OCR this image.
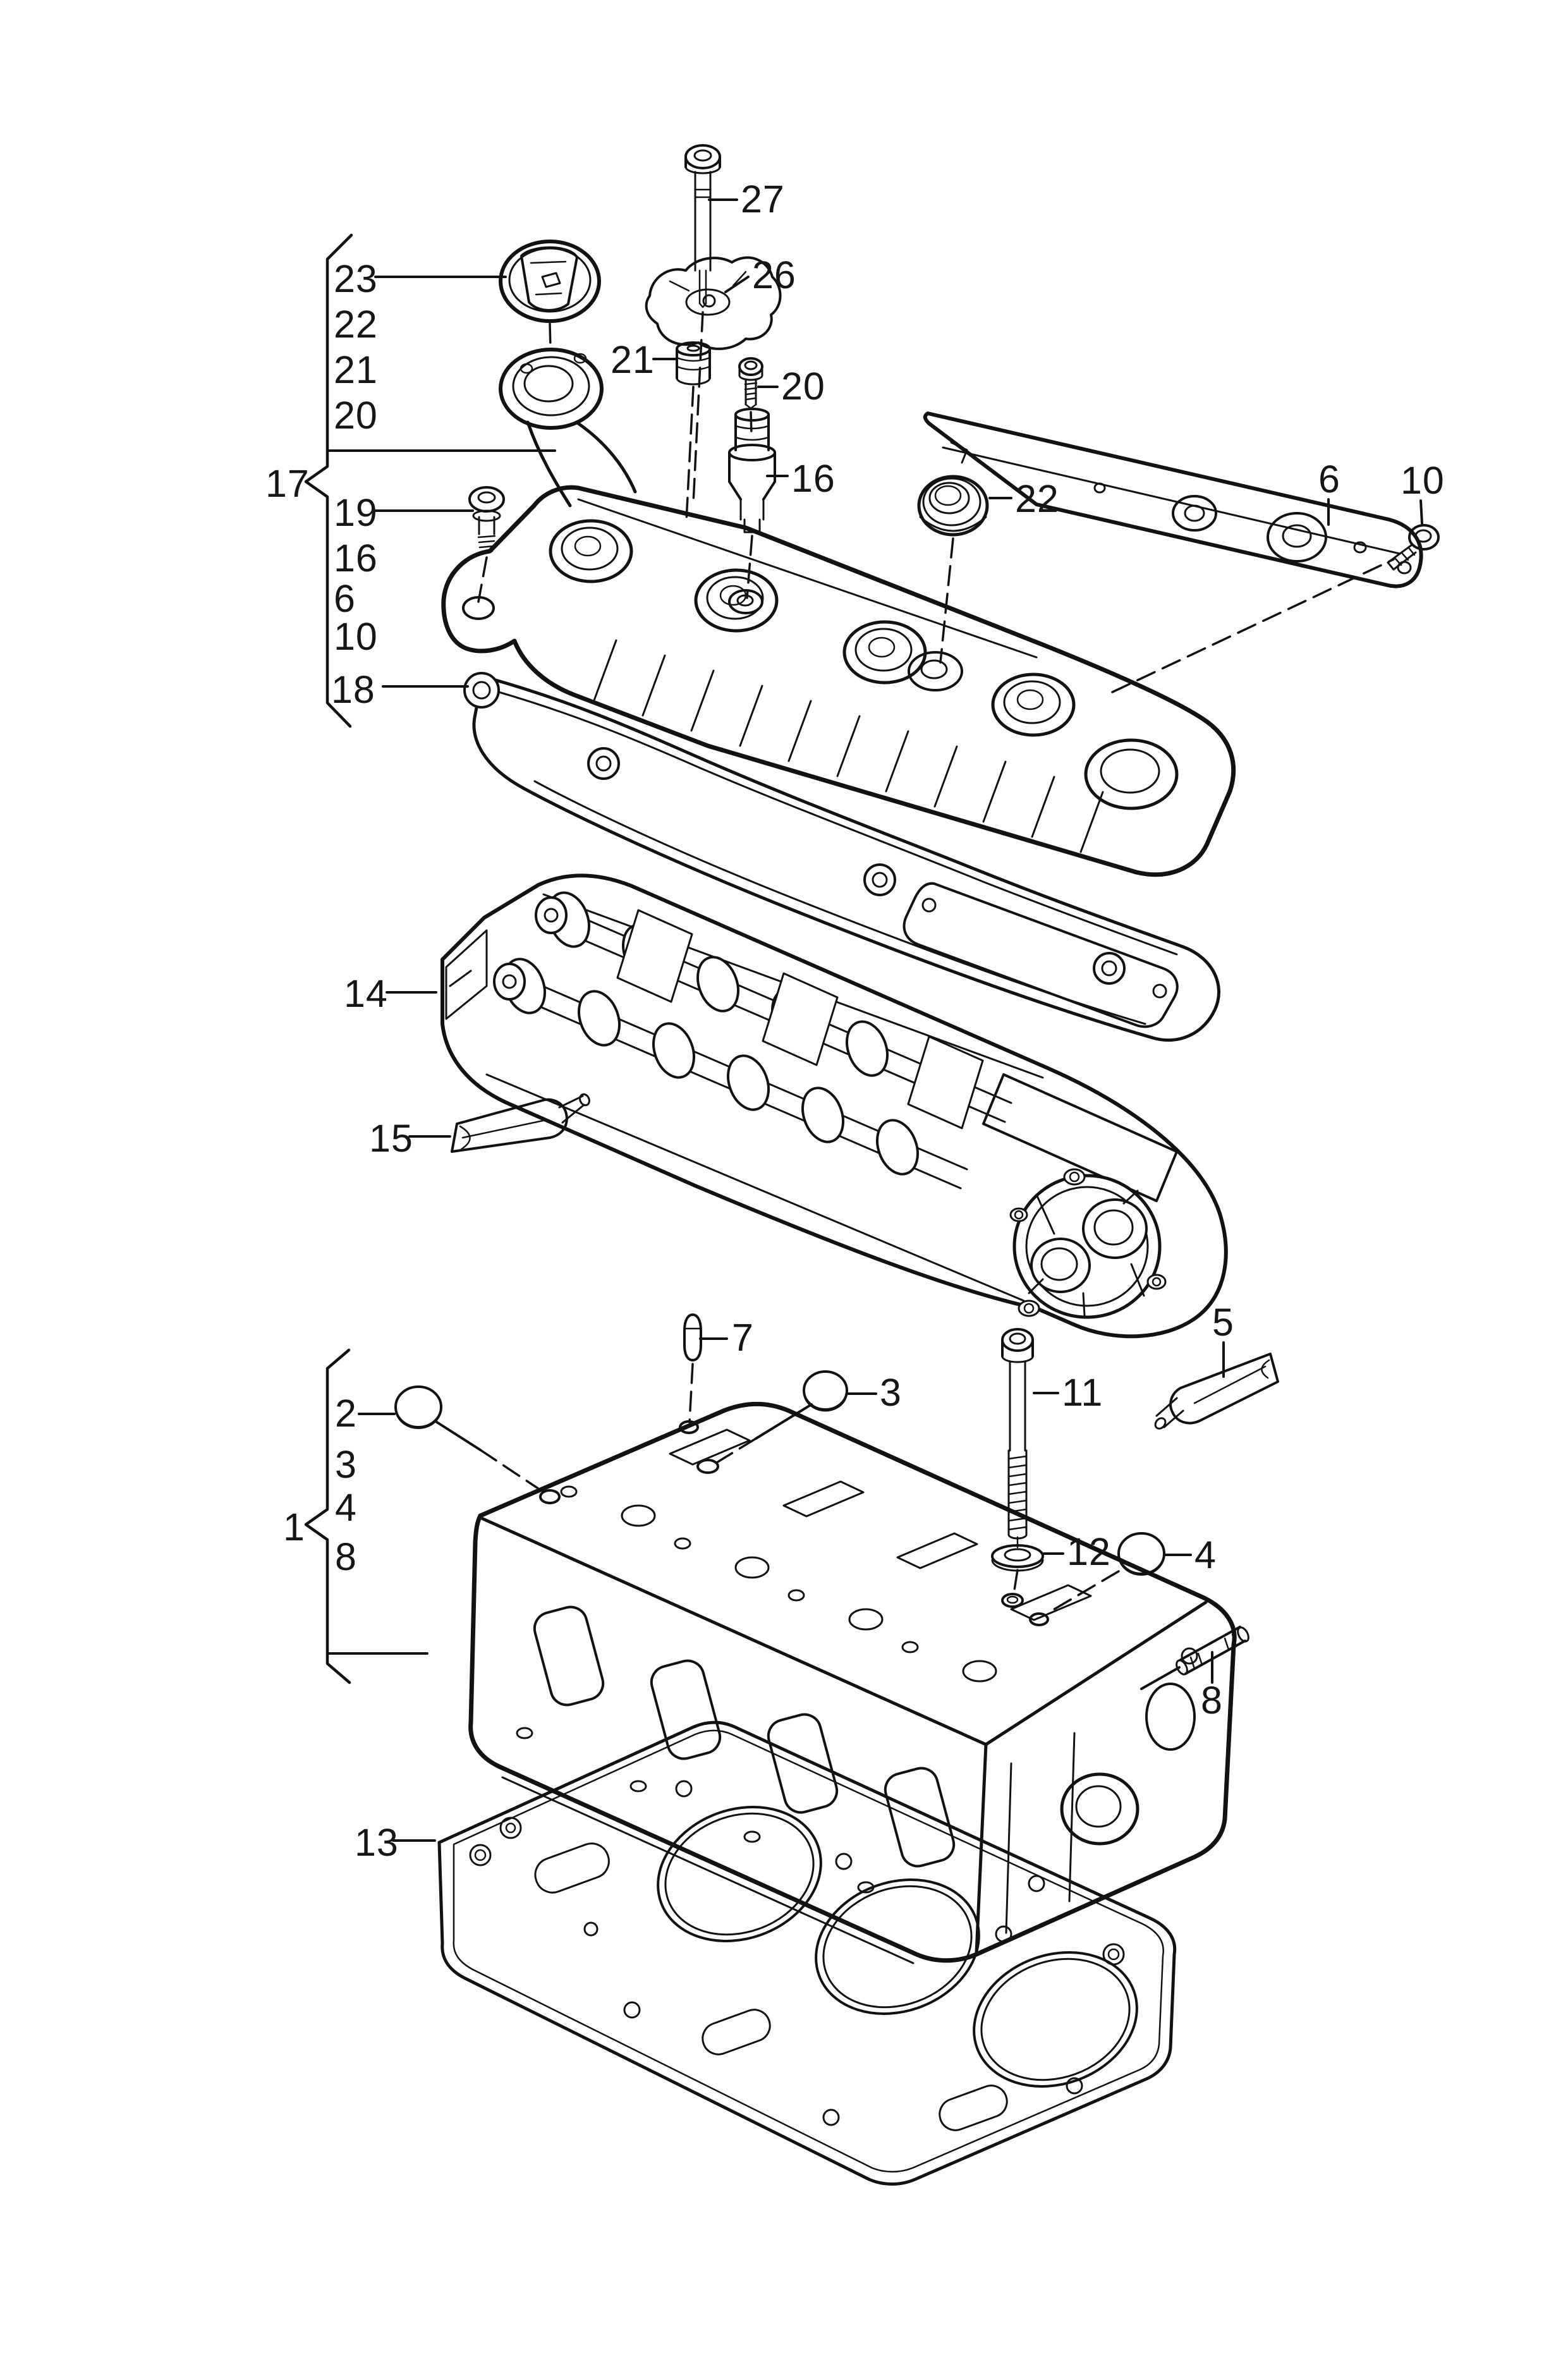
18
23
22
21
20
17
19
16
6
10
27
26
21
20
16	22	6 10
14
15
7
3
2
1
3
4
8
11
12 4
5
8
13
VAG - 04L103483A N - 18
